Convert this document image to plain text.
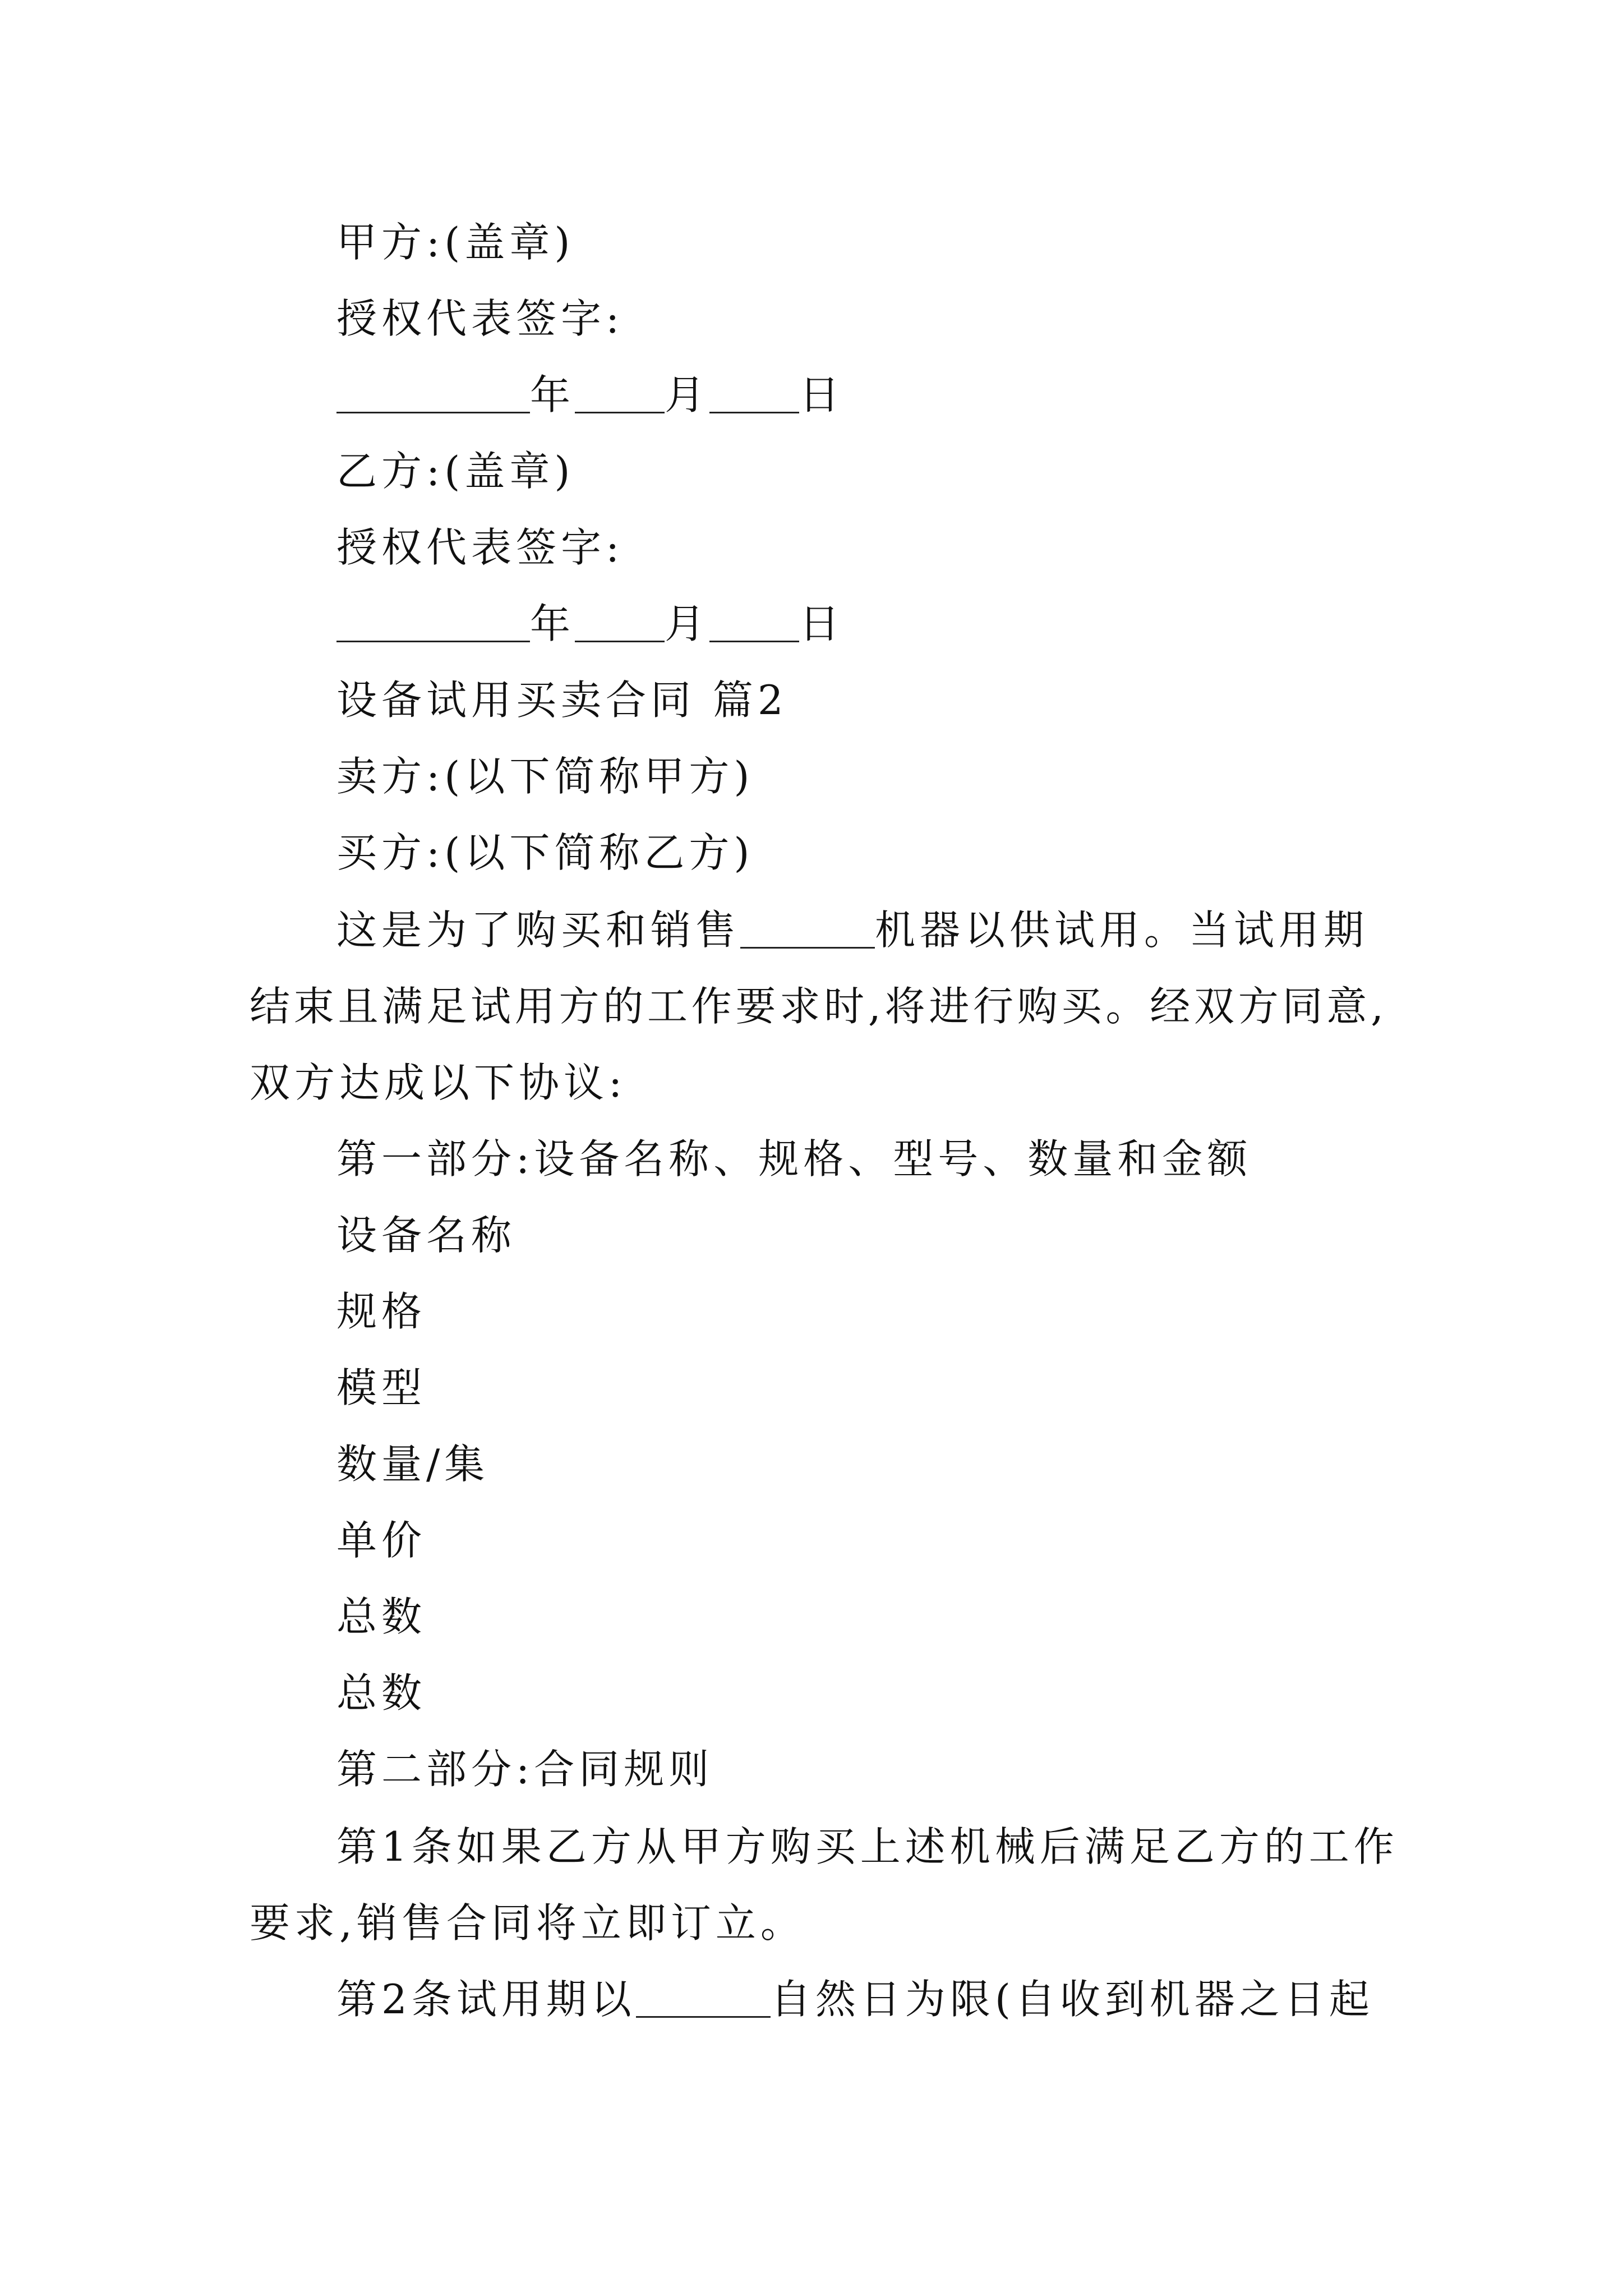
甲方:(盖章)
授权代表签字:
年 月 日
乙方:(盖章)
授权代表签字:
年 月 日
设备试用买卖合同 篇2
卖方:(以下简称甲方)
买方:(以下简称乙方)
这是为了购买和销售	机器以供试用。当试用期
结束且满足试用方的工作要求时,将进行购买。经双方同意,
双方达成以下协议:
第一部分:设备名称、规格、型号、数量和金额
设备名称
规格
模型
数量/集
单价
总数
总数
第二部分:合同规则
第1条如果乙方从甲方购买上述机械后满足乙方的工作
要求,销售合同将立即订立。
第2条试用期以	自然日为限(自收到机器之日起
